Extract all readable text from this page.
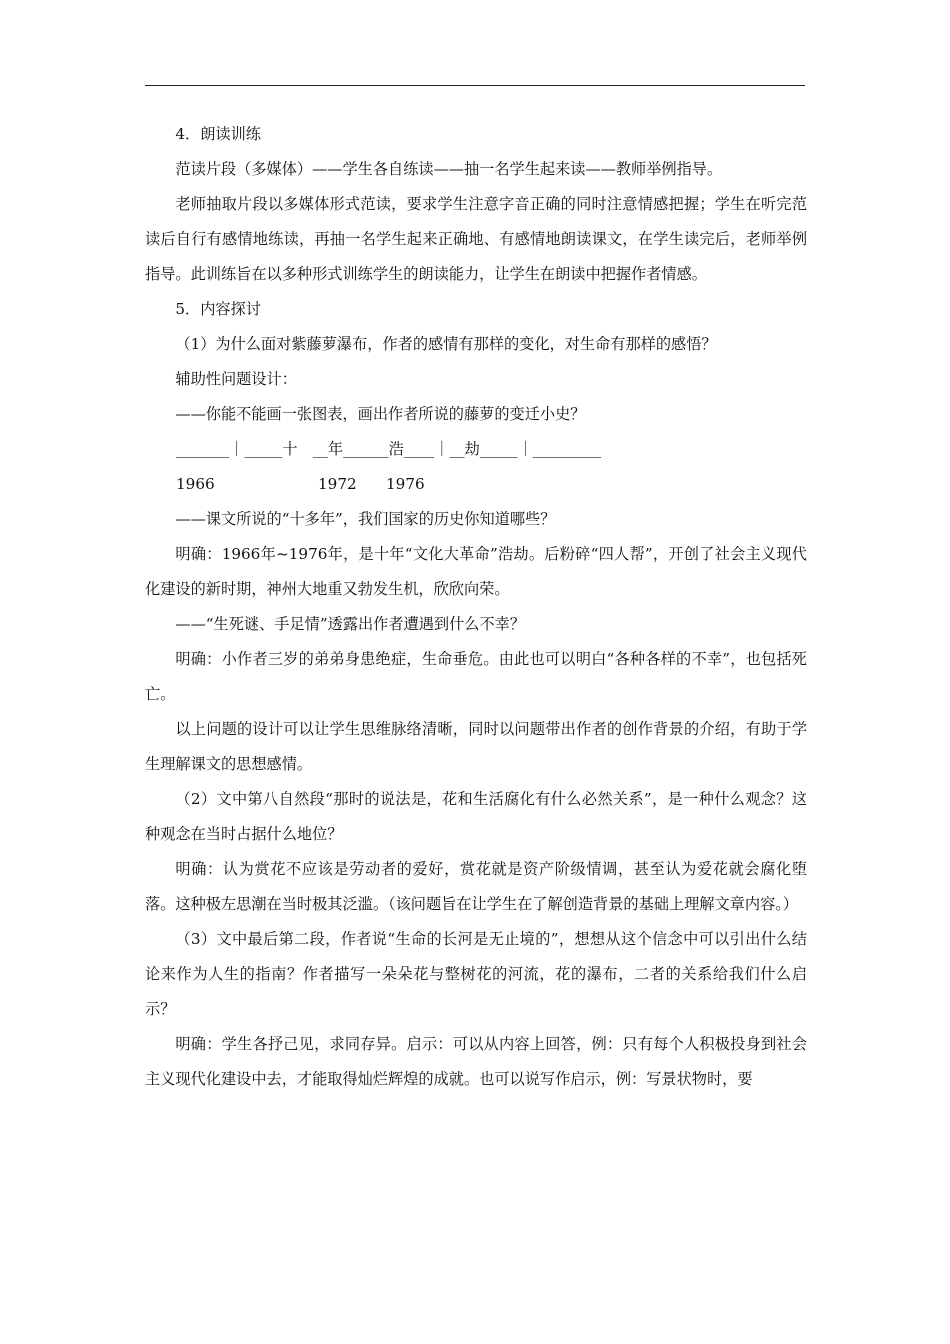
4．朗读训练

范读片段（多媒体）——学生各自练读——抽一名学生起来读——教师举例指导。

老师抽取片段以多媒体形式范读，要求学生注意字音正确的同时注意情感把握；学生在听完范读后自行有感情地练读，再抽一名学生起来正确地、有感情地朗读课文，在学生读完后，老师举例指导。此训练旨在以多种形式训练学生的朗读能力，让学生在朗读中把握作者情感。

5．内容探讨

（1）为什么面对紫藤萝瀑布，作者的感情有那样的变化，对生命有那样的感悟？

辅助性问题设计：

——你能不能画一张图表，画出作者所说的藤萝的变迁小史？

_______｜_____十　__年______浩____｜__劫_____｜_________

1966	1972 1976

——课文所说的“十多年”，我们国家的历史你知道哪些？

明确：1966年~1976年，是十年“文化大革命”浩劫。后粉碎“四人帮”，开创了社会主义现代化建设的新时期，神州大地重又勃发生机，欣欣向荣。

——“生死谜、手足情”透露出作者遭遇到什么不幸？

明确：小作者三岁的弟弟身患绝症，生命垂危。由此也可以明白“各种各样的不幸”，也包括死亡。

以上问题的设计可以让学生思维脉络清晰，同时以问题带出作者的创作背景的介绍，有助于学生理解课文的思想感情。

（2）文中第八自然段“那时的说法是，花和生活腐化有什么必然关系”，是一种什么观念？这种观念在当时占据什么地位？

明确：认为赏花不应该是劳动者的爱好，赏花就是资产阶级情调，甚至认为爱花就会腐化堕落。这种极左思潮在当时极其泛滥。（该问题旨在让学生在了解创造背景的基础上理解文章内容。）

（3）文中最后第二段，作者说“生命的长河是无止境的”，想想从这个信念中可以引出什么结论来作为人生的指南？作者描写一朵朵花与整树花的河流，花的瀑布，二者的关系给我们什么启示？

明确：学生各抒己见，求同存异。启示：可以从内容上回答，例：只有每个人积极投身到社会主义现代化建设中去，才能取得灿烂辉煌的成就。也可以说写作启示，例：写景状物时，要
